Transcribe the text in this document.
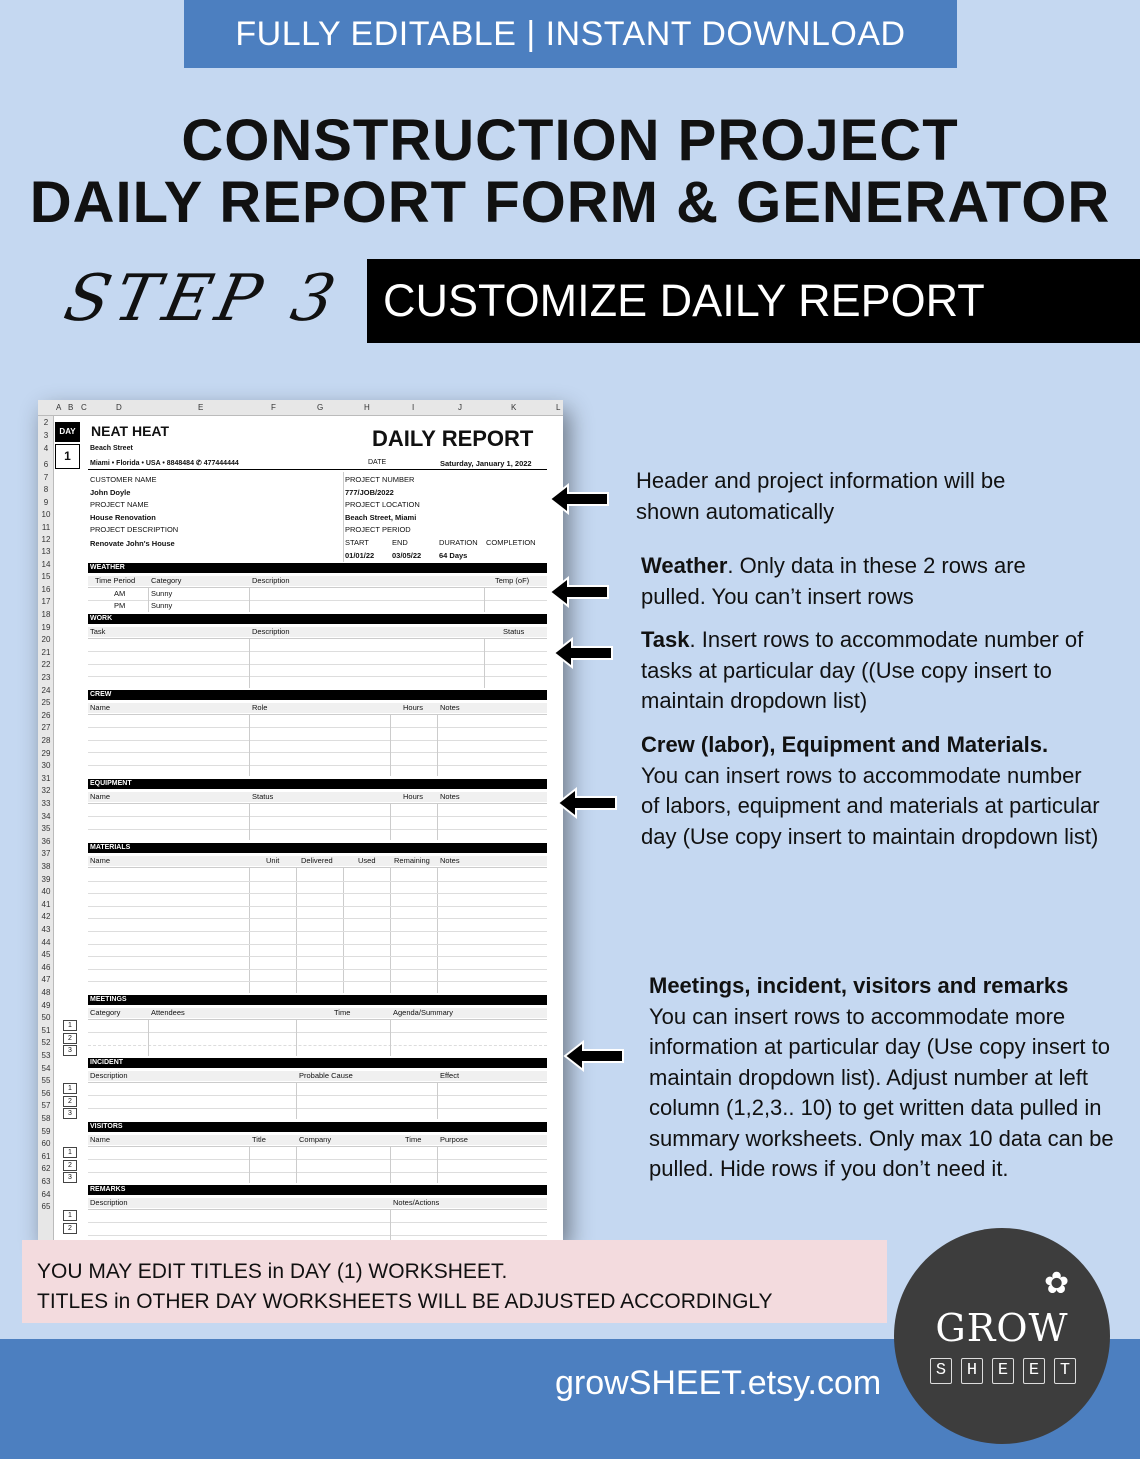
FULLY EDITABLE | INSTANT DOWNLOAD
CONSTRUCTION PROJECT
DAILY REPORT FORM & GENERATOR
STEP 3 CUSTOMIZE DAILY REPORT
A B C	D	E	F	G	H	I	J	K	L
2
3
4
6
7
8
9
10
11
12
13
14
15
16
17
18
19
20
21
22
23
24
25
26
27
28
29
30
31
32
33
34
35
36
37
38
39
40
41
42
43
44
45
46
47
48
49
50
51
52
53
54
55
56
57
58
59
60
61
62
63
64
65
DAY
1
NEAT HEAT
Beach Street
Miami • Florida • USA • 8848484 ✆ 477444444
DAILY REPORT
DATE	Saturday, January 1, 2022
CUSTOMER NAME
John Doyle
PROJECT NAME
House Renovation
PROJECT DESCRIPTION
Renovate John's House
PROJECT NUMBER
777/JOB/2022
PROJECT LOCATION
Beach Street, Miami
PROJECT PERIOD
START
01/01/22
END
03/05/22
DURATION
64 Days
COMPLETION
WEATHER
Time Period Category	Description	Temp (oF)
AM	Sunny
PM	Sunny
WORK
Task	Description	Status
CREW
Name	Role	Hours Notes
EQUIPMENT
Name	Status	Hours Notes
MATERIALS
Name	Unit	Delivered	Used Remaining Notes
MEETINGS
Category	Attendees	Time	Agenda/Summary
1
2
3
INCIDENT
Description	Probable Cause	Effect
1
2
3
VISITORS
Name	Title	Company	Time Purpose
1
2
3
REMARKS
Description	Notes/Actions
1
2
Header and project information will be shown automatically
Weather. Only data in these 2 rows are pulled. You can’t insert rows
Task. Insert rows to accommodate number of tasks at particular day ((Use copy insert to maintain dropdown list)
Crew (labor), Equipment and Materials.
You can insert rows to accommodate number of labors, equipment and materials at particular day (Use copy insert to maintain dropdown list)
Meetings, incident, visitors and remarks
You can insert rows to accommodate more information at particular day (Use copy insert to maintain dropdown list). Adjust number at left column (1,2,3.. 10) to get written data pulled in summary worksheets. Only max 10 data can be pulled. Hide rows if you don’t need it.
YOU MAY EDIT TITLES in DAY (1) WORKSHEET.
TITLES in OTHER DAY WORKSHEETS WILL BE ADJUSTED ACCORDINGLY
growSHEET.etsy.com
✿
GROW
S	H	E	E	T
